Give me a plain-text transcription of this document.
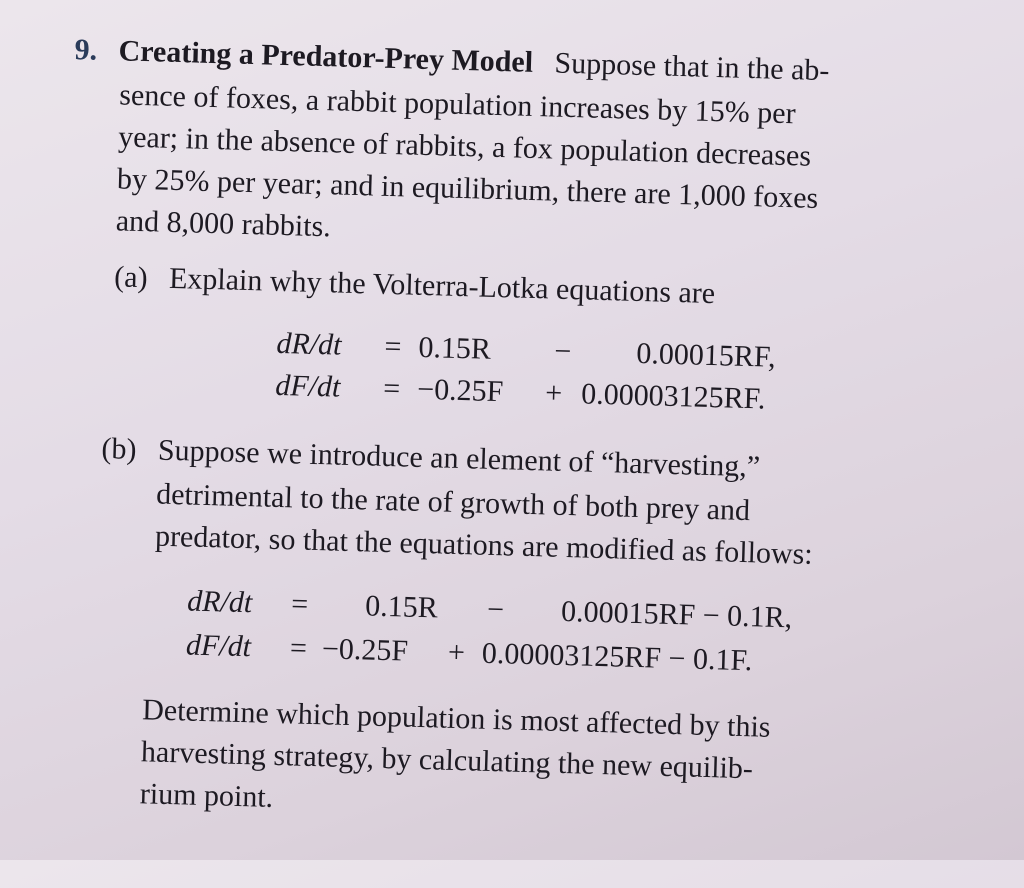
9. Creating a Predator-Prey Model Suppose that in the ab-
sence of foxes, a rabbit population increases by 15% per
year; in the absence of rabbits, a fox population decreases
by 25% per year; and in equilibrium, there are 1,000 foxes
and 8,000 rabbits.
(a) Explain why the Volterra-Lotka equations are
dR/dt = 0.15R − 0.00015RF,
dF/dt = −0.25F + 0.00003125RF.
(b) Suppose we introduce an element of “harvesting,”
detrimental to the rate of growth of both prey and
predator, so that the equations are modified as follows:
dR/dt = 0.15R − 0.00015RF − 0.1R,
dF/dt = −0.25F + 0.00003125RF − 0.1F.
Determine which population is most affected by this
harvesting strategy, by calculating the new equilib-
rium point.
